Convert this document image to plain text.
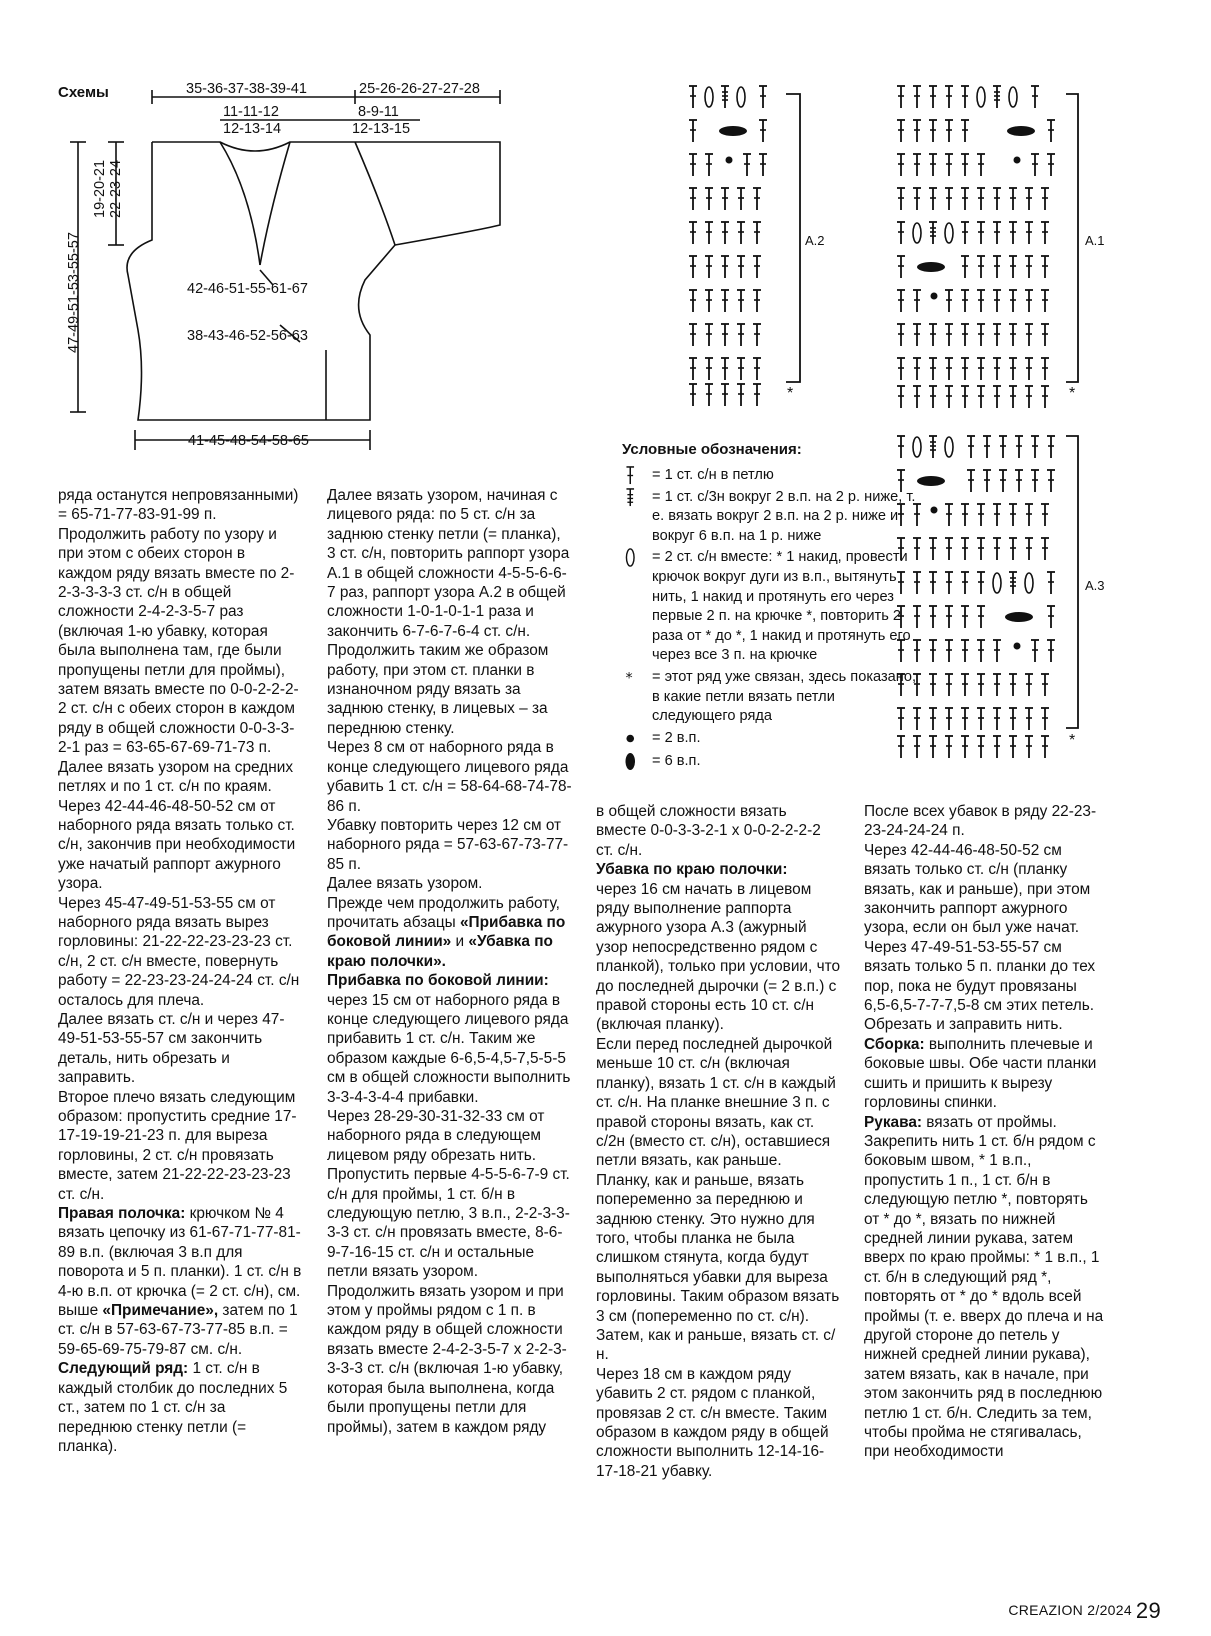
Схемы	35-36-37-38-39-41	25-26-26-27-27-28
11-11-12
12-13-14
8-9-11
12-13-15
42-46-51-55-61-67
38-43-46-52-56-63
41-45-48-54-58-65
47-49-51-53-55-57
19-20-21 22-23-24
A.2
*
A.1
*
A.3
*
Условные обозначения:
= 1 ст. с/н в петлю
= 1 ст. с/3н вокруг 2 в.п. на 2 р. ниже, т. е. вязать вокруг 2 в.п. на 2 р. ниже и вокруг 6 в.п. на 1 р. ниже
= 2 ст. с/н вместе: * 1 накид, провести крючок вокруг дуги из в.п., вытянуть нить, 1 накид и протянуть его через первые 2 п. на крючке *, повторить 2 раза от * до *, 1 накид и протянуть его через все 3 п. на крючке
* = этот ряд уже связан, здесь показано, в какие петли вязать петли следующего ряда
= 2 в.п.
= 6 в.п.
ряда останутся непровязанными) = 65-71-77-83-91-99 п.
Продолжить работу по узору и при этом с обеих сторон в каждом ряду вязать вместе по 2-2-3-3-3-3 ст. с/н в общей сложности 2-4-2-3-5-7 раз (включая 1-ю убавку, которая была выполнена там, где были пропущены петли для проймы), затем вязать вместе по 0-0-2-2-2-2 ст. с/н с обеих сторон в каждом ряду в общей сложности 0-0-3-3-2-1 раз = 63-65-67-69-71-73 п.
Далее вязать узором на средних петлях и по 1 ст. с/н по краям.
Через 42-44-46-48-50-52 см от наборного ряда вязать только ст. с/н, закончив при необходимости уже начатый раппорт ажурного узора.
Через 45-47-49-51-53-55 см от наборного ряда вязать вырез горловины: 21-22-22-23-23-23 ст. с/н, 2 ст. с/н вместе, повернуть работу = 22-23-23-24-24-24 ст. с/н осталось для плеча.
Далее вязать ст. с/н и через 47-49-51-53-55-57 см закончить деталь, нить обрезать и заправить.
Второе плечо вязать следующим образом: пропустить средние 17-17-19-19-21-23 п. для выреза горловины, 2 ст. с/н провязать вместе, затем 21-22-22-23-23-23 ст. с/н.
Правая полочка: крючком № 4 вязать цепочку из 61-67-71-77-81-89 в.п. (включая 3 в.п для поворота и 5 п. планки). 1 ст. с/н в 4-ю в.п. от крючка (= 2 ст. с/н), см. выше «Примечание», затем по 1 ст. с/н в 57-63-67-73-77-85 в.п. = 59-65-69-75-79-87 см. с/н.
Следующий ряд: 1 ст. с/н в каждый столбик до последних 5 ст., затем по 1 ст. с/н за переднюю стенку петли (= планка).
Далее вязать узором, начиная с лицевого ряда: по 5 ст. с/н за заднюю стенку петли (= планка), 3 ст. с/н, повторить раппорт узора A.1 в общей сложности 4-5-5-6-6-7 раз, раппорт узора A.2 в общей сложности 1-0-1-0-1-1 раза и закончить 6-7-6-7-6-4 ст. с/н.
Продолжить таким же образом работу, при этом ст. планки в изнаночном ряду вязать за заднюю стенку, в лицевых – за переднюю стенку.
Через 8 см от наборного ряда в конце следующего лицевого ряда убавить 1 ст. с/н = 58-64-68-74-78-86 п.
Убавку повторить через 12 см от наборного ряда = 57-63-67-73-77-85 п.
Далее вязать узором.
Прежде чем продолжить работу, прочитать абзацы «Прибавка по боковой линии» и «Убавка по краю полочки».
Прибавка по боковой линии: через 15 см от наборного ряда в конце следующего лицевого ряда прибавить 1 ст. с/н. Таким же образом каждые 6-6,5-4,5-7,5-5-5 см в общей сложности выполнить 3-3-4-3-4-4 прибавки.
Через 28-29-30-31-32-33 см от наборного ряда в следующем лицевом ряду обрезать нить.
Пропустить первые 4-5-5-6-7-9 ст. с/н для проймы, 1 ст. б/н в следующую петлю, 3 в.п., 2-2-3-3-3-3 ст. с/н провязать вместе, 8-6-9-7-16-15 ст. с/н и остальные петли вязать узором.
Продолжить вязать узором и при этом у проймы рядом с 1 п. в каждом ряду в общей сложности вязать вместе 2-4-2-3-5-7 х 2-2-3-3-3-3 ст. с/н (включая 1-ю убавку, которая была выполнена, когда были пропущены петли для проймы), затем в каждом ряду
в общей сложности вязать вместе 0-0-3-3-2-1 х 0-0-2-2-2-2 ст. с/н.
Убавка по краю полочки:
через 16 см начать в лицевом ряду выполнение раппорта ажурного узора A.3 (ажурный узор непосредственно рядом с планкой), только при условии, что до последней дырочки (= 2 в.п.) с правой стороны есть 10 ст. с/н (включая планку).
Если перед последней дырочкой меньше 10 ст. с/н (включая планку), вязать 1 ст. с/н в каждый ст. с/н. На планке внешние 3 п. с правой стороны вязать, как ст. с/2н (вместо ст. с/н), оставшиеся петли вязать, как раньше.
Планку, как и раньше, вязать попеременно за переднюю и заднюю стенку. Это нужно для того, чтобы планка не была слишком стянута, когда будут выполняться убавки для выреза горловины. Таким образом вязать 3 см (попеременно по ст. с/н). Затем, как и раньше, вязать ст. с/н.
Через 18 см в каждом ряду убавить 2 ст. рядом с планкой, провязав 2 ст. с/н вместе. Таким образом в каждом ряду в общей сложности выполнить 12-14-16-17-18-21 убавку.
После всех убавок в ряду 22-23-23-24-24-24 п.
Через 42-44-46-48-50-52 см вязать только ст. с/н (планку вязать, как и раньше), при этом закончить раппорт ажурного узора, если он был уже начат.
Через 47-49-51-53-55-57 см вязать только 5 п. планки до тех пор, пока не будут провязаны 6,5-6,5-7-7-7,5-8 см этих петель.
Обрезать и заправить нить.
Сборка: выполнить плечевые и боковые швы. Обе части планки сшить и пришить к вырезу горловины спинки.
Рукава: вязать от проймы. Закрепить нить 1 ст. б/н рядом с боковым швом, * 1 в.п., пропустить 1 п., 1 ст. б/н в следующую петлю *, повторять от * до *, вязать по нижней средней линии рукава, затем вверх по краю проймы: * 1 в.п., 1 ст. б/н в следующий ряд *, повторять от * до * вдоль всей проймы (т. е. вверх до плеча и на другой стороне до петель у нижней средней линии рукава), затем вязать, как в начале, при этом закончить ряд в последнюю петлю 1 ст. б/н. Следить за тем, чтобы пройма не стягивалась, при необходимости
CREAZION 2/2024 29
